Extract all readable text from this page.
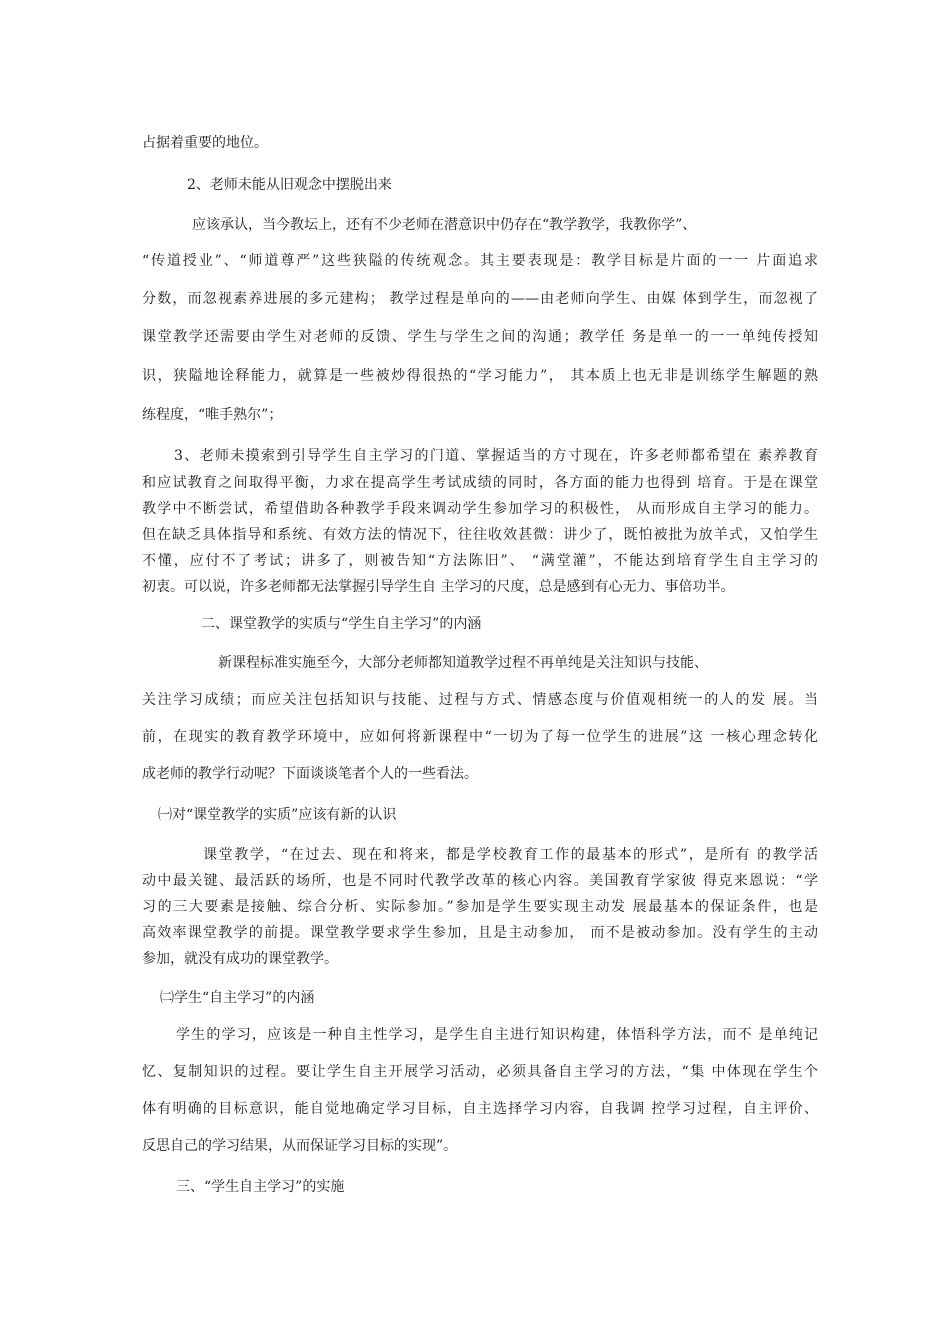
占据着重要的地位。
2、老师未能从旧观念中摆脱出来
应该承认，当今教坛上，还有不少老师在潜意识中仍存在“教学教学，我教你学”、
“传道授业”、“师道尊严”这些狭隘的传统观念。其主要表现是：教学目标是片面的一一 片面追求
分数，而忽视素养进展的多元建构； 教学过程是单向的——由老师向学生、由媒 体到学生，而忽视了
课堂教学还需要由学生对老师的反馈、学生与学生之间的沟通；教学任 务是单一的一一单纯传授知
识，狭隘地诠释能力，就算是一些被炒得很热的“学习能力”， 其本质上也无非是训练学生解题的熟
练程度，“唯手熟尔”；
3、老师未摸索到引导学生自主学习的门道、掌握适当的方寸现在，许多老师都希望在 素养教育
和应试教育之间取得平衡，力求在提高学生考试成绩的同时，各方面的能力也得到 培育。于是在课堂
教学中不断尝试，希望借助各种教学手段来调动学生参加学习的积极性， 从而形成自主学习的能力。
但在缺乏具体指导和系统、有效方法的情况下，往往收效甚微：讲少了，既怕被批为放羊式，又怕学生
不懂，应付不了考试；讲多了，则被告知“方法陈旧”、 “满堂灌”，不能达到培育学生自主学习的
初衷。可以说，许多老师都无法掌握引导学生自 主学习的尺度，总是感到有心无力、事倍功半。
二、课堂教学的实质与“学生自主学习”的内涵
新课程标准实施至今，大部分老师都知道教学过程不再单纯是关注知识与技能、
关注学习成绩；而应关注包括知识与技能、过程与方式、情感态度与价值观相统一的人的发 展。当
前，在现实的教育教学环境中，应如何将新课程中“一切为了每一位学生的进展”这 一核心理念转化
成老师的教学行动呢？下面谈谈笔者个人的一些看法。
㈠对“课堂教学的实质”应该有新的认识
课堂教学，“在过去、现在和将来，都是学校教育工作的最基本的形式”，是所有 的教学活
动中最关键、最活跃的场所，也是不同时代教学改革的核心内容。美国教育学家彼 得克来恩说：“学
习的三大要素是接触、综合分析、实际参加。”参加是学生要实现主动发 展最基本的保证条件，也是
高效率课堂教学的前提。课堂教学要求学生参加，且是主动参加， 而不是被动参加。没有学生的主动
参加，就没有成功的课堂教学。
㈡学生“自主学习”的内涵
学生的学习，应该是一种自主性学习，是学生自主进行知识构建，体悟科学方法，而不 是单纯记
忆、复制知识的过程。要让学生自主开展学习活动，必须具备自主学习的方法，“集 中体现在学生个
体有明确的目标意识，能自觉地确定学习目标，自主选择学习内容，自我调 控学习过程，自主评价、
反思自己的学习结果，从而保证学习目标的实现”。
三、“学生自主学习”的实施
